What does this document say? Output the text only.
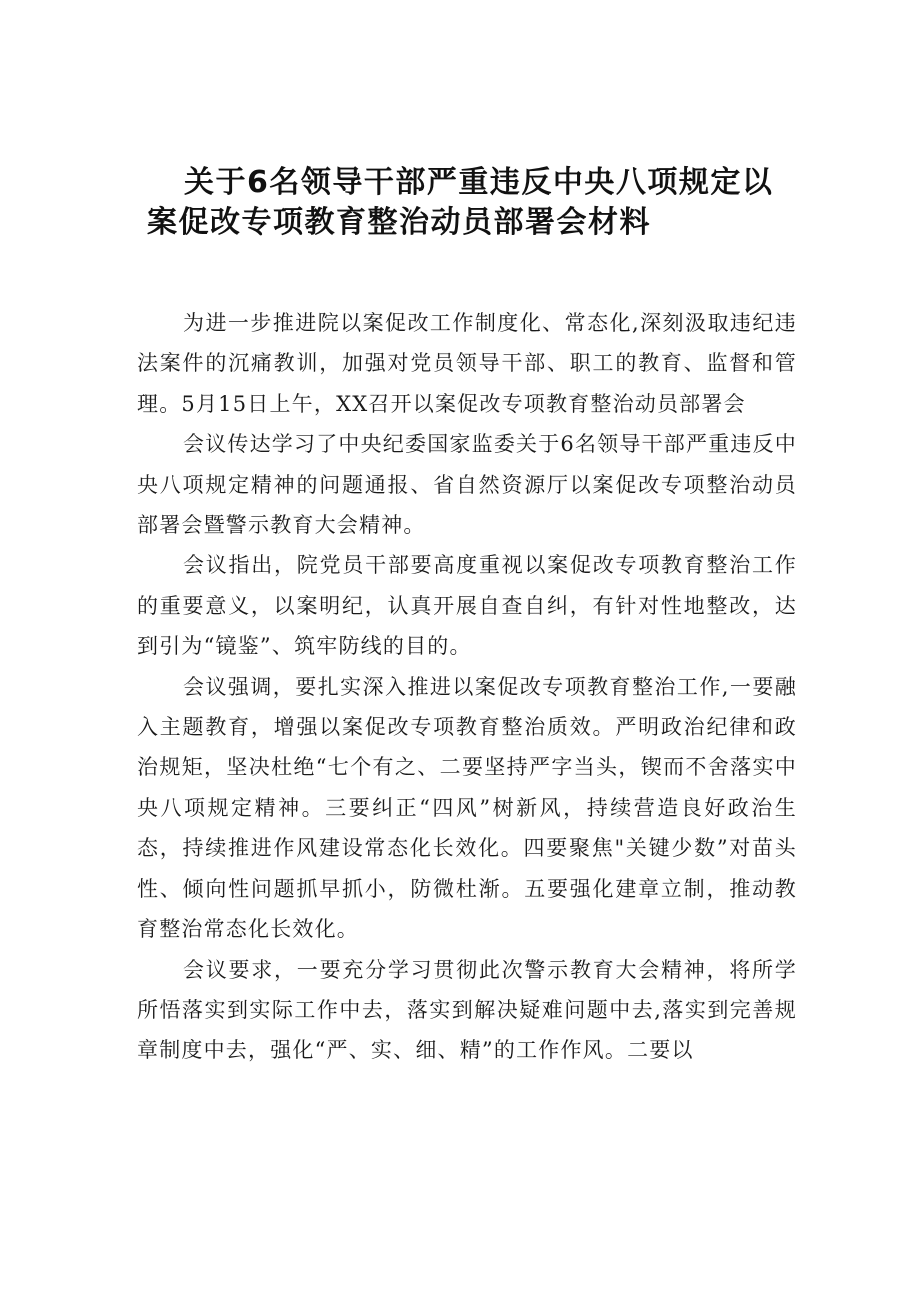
关于6名领导干部严重违反中央八项规定以
案促改专项教育整治动员部署会材料

为进一步推进院以案促改工作制度化、常态化,深刻汲取违纪违法案件的沉痛教训，加强对党员领导干部、职工的教育、监督和管理。5月15日上午，XX召开以案促改专项教育整治动员部署会

会议传达学习了中央纪委国家监委关于6名领导干部严重违反中央八项规定精神的问题通报、省自然资源厅以案促改专项整治动员部署会暨警示教育大会精神。

会议指出，院党员干部要高度重视以案促改专项教育整治工作的重要意义，以案明纪，认真开展自查自纠，有针对性地整改，达到引为“镜鉴”、筑牢防线的目的。

会议强调，要扎实深入推进以案促改专项教育整治工作,一要融入主题教育，增强以案促改专项教育整治质效。严明政治纪律和政治规矩，坚决杜绝“七个有之、二要坚持严字当头，锲而不舍落实中央八项规定精神。三要纠正“四风”树新风，持续营造良好政治生态，持续推进作风建设常态化长效化。四要聚焦"关键少数”对苗头性、倾向性问题抓早抓小，防微杜渐。五要强化建章立制，推动教育整治常态化长效化。

会议要求，一要充分学习贯彻此次警示教育大会精神，将所学所悟落实到实际工作中去，落实到解决疑难问题中去,落实到完善规章制度中去，强化“严、实、细、精”的工作作风。二要以
